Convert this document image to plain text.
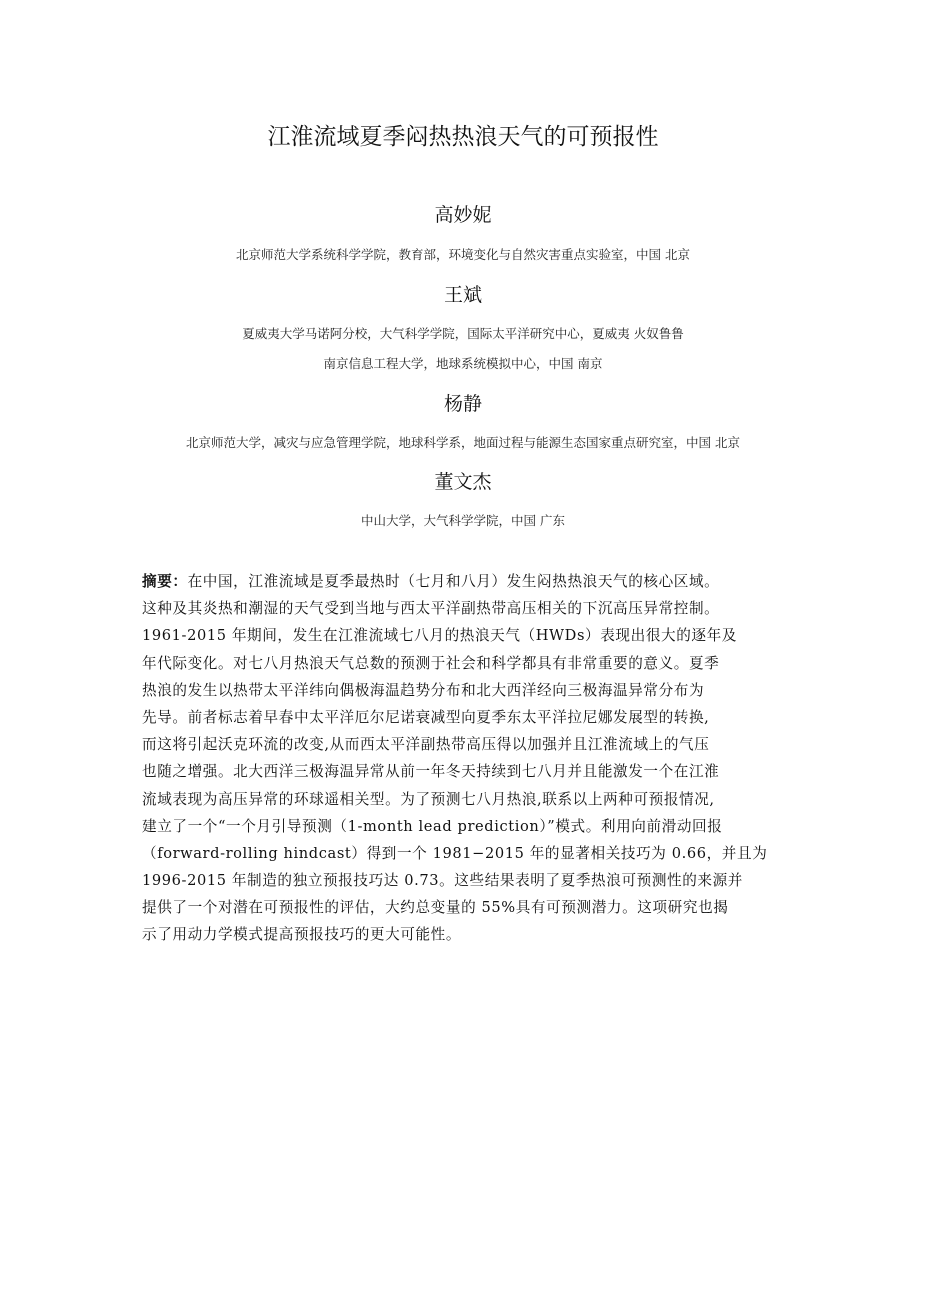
江淮流域夏季闷热热浪天气的可预报性
高妙妮
北京师范大学系统科学学院，教育部，环境变化与自然灾害重点实验室，中国 北京
王斌
夏威夷大学马诺阿分校，大气科学学院，国际太平洋研究中心，夏威夷 火奴鲁鲁
南京信息工程大学，地球系统模拟中心，中国 南京
杨静
北京师范大学，减灾与应急管理学院，地球科学系，地面过程与能源生态国家重点研究室，中国 北京
董文杰
中山大学，大气科学学院，中国 广东
摘要：在中国，江淮流域是夏季最热时（七月和八月）发生闷热热浪天气的核心区域。
这种及其炎热和潮湿的天气受到当地与西太平洋副热带高压相关的下沉高压异常控制。
1961-2015 年期间，发生在江淮流域七八月的热浪天气（HWDs）表现出很大的逐年及
年代际变化。对七八月热浪天气总数的预测于社会和科学都具有非常重要的意义。夏季
热浪的发生以热带太平洋纬向偶极海温趋势分布和北大西洋经向三极海温异常分布为
先导。前者标志着早春中太平洋厄尔尼诺衰减型向夏季东太平洋拉尼娜发展型的转换,
而这将引起沃克环流的改变,从而西太平洋副热带高压得以加强并且江淮流域上的气压
也随之增强。北大西洋三极海温异常从前一年冬天持续到七八月并且能激发一个在江淮
流域表现为高压异常的环球遥相关型。为了预测七八月热浪,联系以上两种可预报情况,
建立了一个“一个月引导预测（1-month lead prediction）”模式。利用向前滑动回报
（forward-rolling hindcast）得到一个 1981−2015 年的显著相关技巧为 0.66，并且为
1996-2015 年制造的独立预报技巧达 0.73。这些结果表明了夏季热浪可预测性的来源并
提供了一个对潜在可预报性的评估，大约总变量的 55%具有可预测潜力。这项研究也揭
示了用动力学模式提高预报技巧的更大可能性。
